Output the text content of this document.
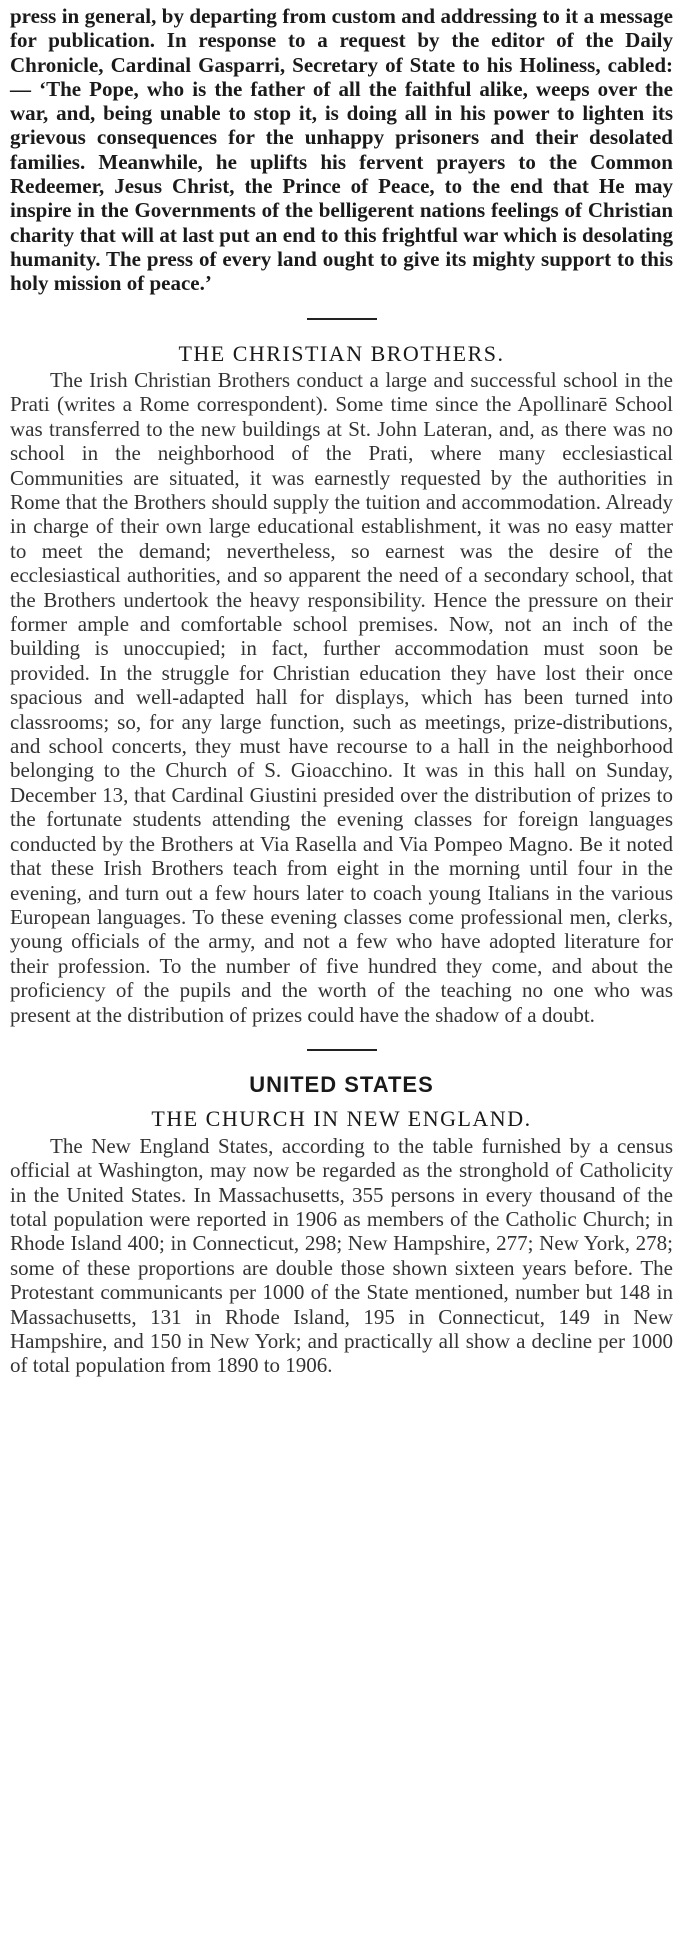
press in general, by departing from custom and addressing to it a message for publication. In response to a request by the editor of the Daily Chronicle, Cardinal Gasparri, Secretary of State to his Holiness, cabled:— ‘The Pope, who is the father of all the faithful alike, weeps over the war, and, being unable to stop it, is doing all in his power to lighten its grievous consequences for the unhappy prisoners and their desolated families. Meanwhile, he uplifts his fervent prayers to the Common Redeemer, Jesus Christ, the Prince of Peace, to the end that He may inspire in the Governments of the belligerent nations feelings of Christian charity that will at last put an end to this frightful war which is desolating humanity. The press of every land ought to give its mighty support to this holy mission of peace.’

THE CHRISTIAN BROTHERS.

The Irish Christian Brothers conduct a large and successful school in the Prati (writes a Rome correspondent). Some time since the Apollinarē School was transferred to the new buildings at St. John Lateran, and, as there was no school in the neighborhood of the Prati, where many ecclesiastical Communities are situated, it was earnestly requested by the authorities in Rome that the Brothers should supply the tuition and accommodation. Already in charge of their own large educational establishment, it was no easy matter to meet the demand; nevertheless, so earnest was the desire of the ecclesiastical authorities, and so apparent the need of a secondary school, that the Brothers undertook the heavy responsibility. Hence the pressure on their former ample and comfortable school premises. Now, not an inch of the building is unoccupied; in fact, further accommodation must soon be provided. In the struggle for Christian education they have lost their once spacious and well-adapted hall for displays, which has been turned into classrooms; so, for any large function, such as meetings, prize-distributions, and school concerts, they must have recourse to a hall in the neighborhood belonging to the Church of S. Gioacchino. It was in this hall on Sunday, December 13, that Cardinal Giustini presided over the distribution of prizes to the fortunate students attending the evening classes for foreign languages conducted by the Brothers at Via Rasella and Via Pompeo Magno. Be it noted that these Irish Brothers teach from eight in the morning until four in the evening, and turn out a few hours later to coach young Italians in the various European languages. To these evening classes come professional men, clerks, young officials of the army, and not a few who have adopted literature for their profession. To the number of five hundred they come, and about the proficiency of the pupils and the worth of the teaching no one who was present at the distribution of prizes could have the shadow of a doubt.

UNITED STATES
THE CHURCH IN NEW ENGLAND.

The New England States, according to the table furnished by a census official at Washington, may now be regarded as the stronghold of Catholicity in the United States. In Massachusetts, 355 persons in every thousand of the total population were reported in 1906 as members of the Catholic Church; in Rhode Island 400; in Connecticut, 298; New Hampshire, 277; New York, 278; some of these proportions are double those shown sixteen years before. The Protestant communicants per 1000 of the State mentioned, number but 148 in Massachusetts, 131 in Rhode Island, 195 in Connecticut, 149 in New Hampshire, and 150 in New York; and practically all show a decline per 1000 of total population from 1890 to 1906.
